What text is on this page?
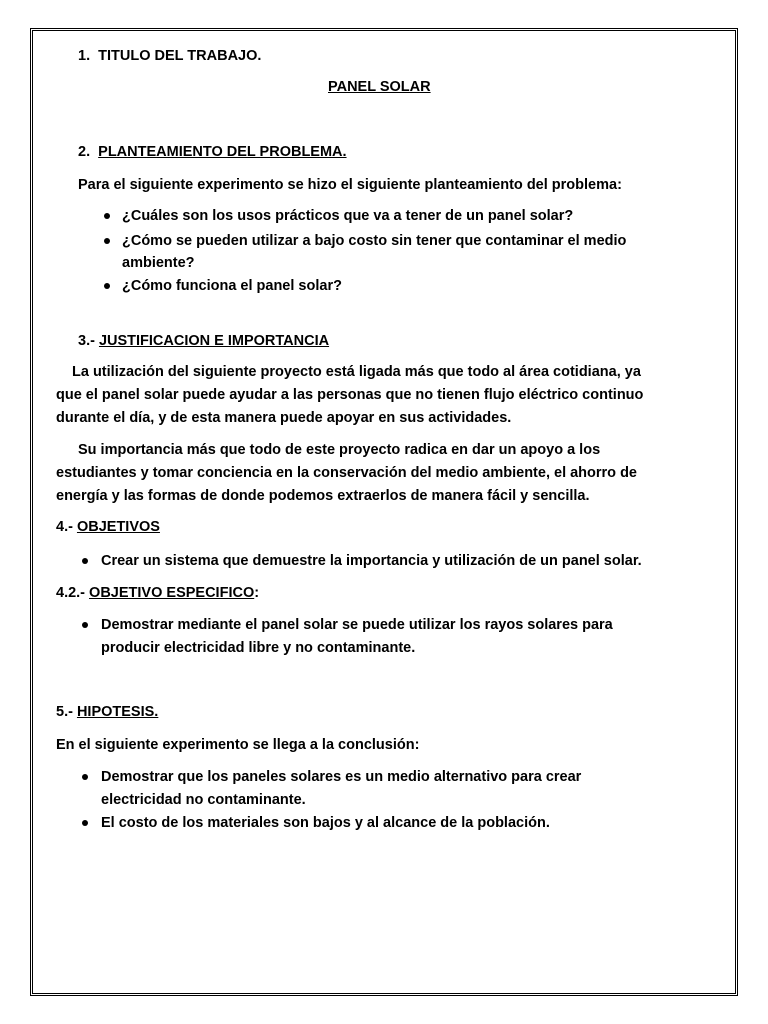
1. TITULO DEL TRABAJO.
PANEL SOLAR
2. PLANTEAMIENTO DEL PROBLEMA.
Para el siguiente experimento se hizo el siguiente planteamiento del problema:
¿Cuáles son los usos prácticos que va a tener de un panel solar?
¿Cómo se pueden utilizar a bajo costo sin tener que contaminar el medio
ambiente?
¿Cómo funciona el panel solar?
3.- JUSTIFICACION E IMPORTANCIA
La utilización del siguiente proyecto está ligada más que todo al área cotidiana, ya
que el panel solar puede ayudar a las personas que no tienen flujo eléctrico continuo
durante el día, y de esta manera puede apoyar en sus actividades.
Su importancia más que todo de este proyecto radica en dar un apoyo a los
estudiantes y tomar conciencia en la conservación del medio ambiente, el ahorro de
energía y las formas de donde podemos extraerlos de manera fácil y sencilla.
4.- OBJETIVOS
Crear un sistema que demuestre la importancia y utilización de un panel solar.
4.2.- OBJETIVO ESPECIFICO:
Demostrar mediante el panel solar se puede utilizar los rayos solares para
producir electricidad libre y no contaminante.
5.- HIPOTESIS.
En el siguiente experimento se llega a la conclusión:
Demostrar que los paneles solares es un medio alternativo para crear
electricidad no contaminante.
El costo de los materiales son bajos y al alcance de la población.
